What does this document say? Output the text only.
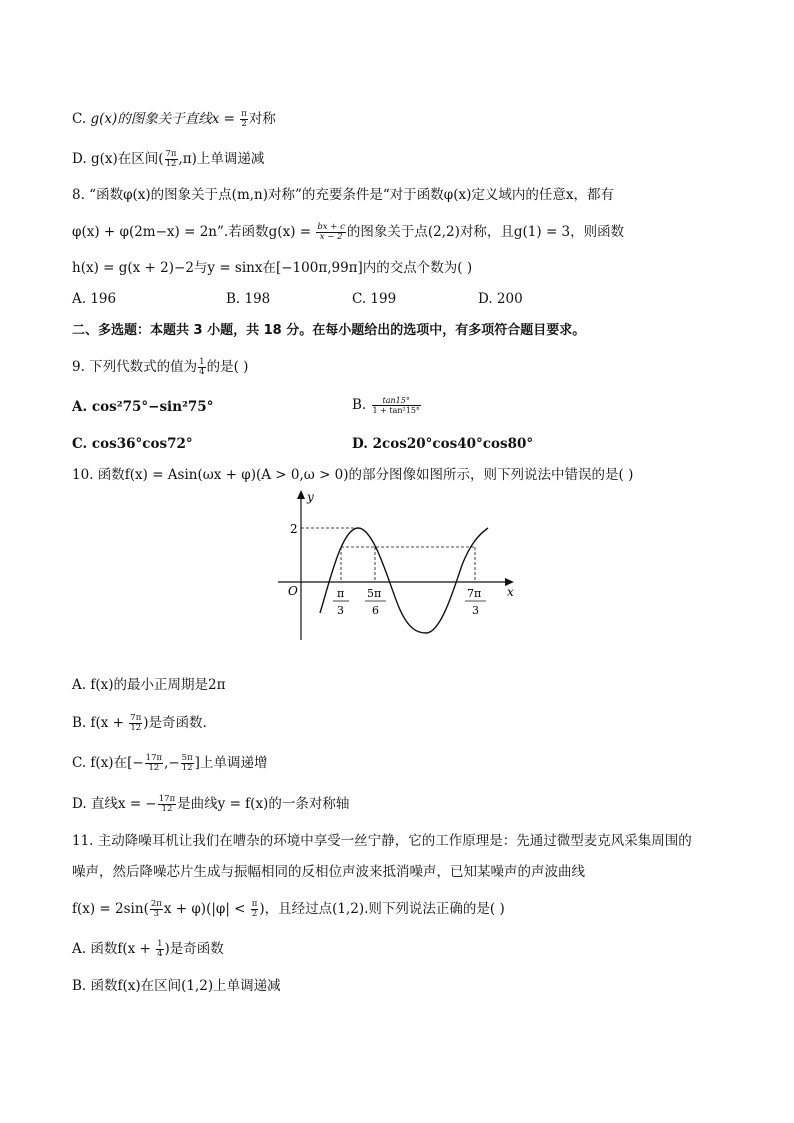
C. g(x)的图象关于直线$x = \frac{\pi}{2}$ 对称
D. g(x)在区间( $\frac{7\pi}{12} ,\pi$)上单调递减
8. “函数φ(x)的图象关于点(m,n)对称”的充要条件是“对于函数φ(x)定义域内的任意x，都有
φ(x) + φ(2m−x) = 2n”.若函数$g(x) = \frac{bx + c}{x - 2}$ 的图象关于点(2,2)对称，且g(1) = 3，则函数
h(x) = g(x + 2)−2与y = sinx在[−100π,99π]内的交点个数为( )
A. 196	B. 198	C. 199	D. 200
二、多选题：本题共 3 小题，共 18 分。在每小题给出的选项中，有多项符合题目要求。
9. 下列代数式的值为 $\frac{1}{4}$ 的是( )
A. cos²75°−sin²75°	B. $\frac{\tan 15^\circ}{\text{1 + tan²15°}}$
C. cos36°cos72°	D. 2cos20°cos40°cos80°
10. 函数f(x) = Asin(ωx + φ)(A > 0,ω > 0)的部分图像如图所示，则下列说法中错误的是( )
y
x
O
2
π
3
5π
6
7π
3
A. f(x)的最小正周期是2π
B. $f(x + \frac{7\pi}{12}$ )是奇函数.
C. f(x)在[− $\frac{17\pi}{12}$ ,− $\frac{5\pi}{12}$ ]上单调递增
D. 直线x = − $\frac{17\pi}{12}$ 是曲线y = f(x)的一条对称轴
11. 主动降噪耳机让我们在嘈杂的环境中享受一丝宁静，它的工作原理是：先通过微型麦克风采集周围的
噪声，然后降噪芯片生成与振幅相同的反相位声波来抵消噪声，已知某噪声的声波曲线
$f(x) = 2\sin( \frac{2\pi}{3}$ $x + \varphi)(|\varphi| < \frac{\pi}{2}$ )，且经过点(1,2).则下列说法正确的是( )
A. 函数$f(x + \frac{1}{4}$ )是奇函数
B. 函数f(x)在区间(1,2)上单调递减
